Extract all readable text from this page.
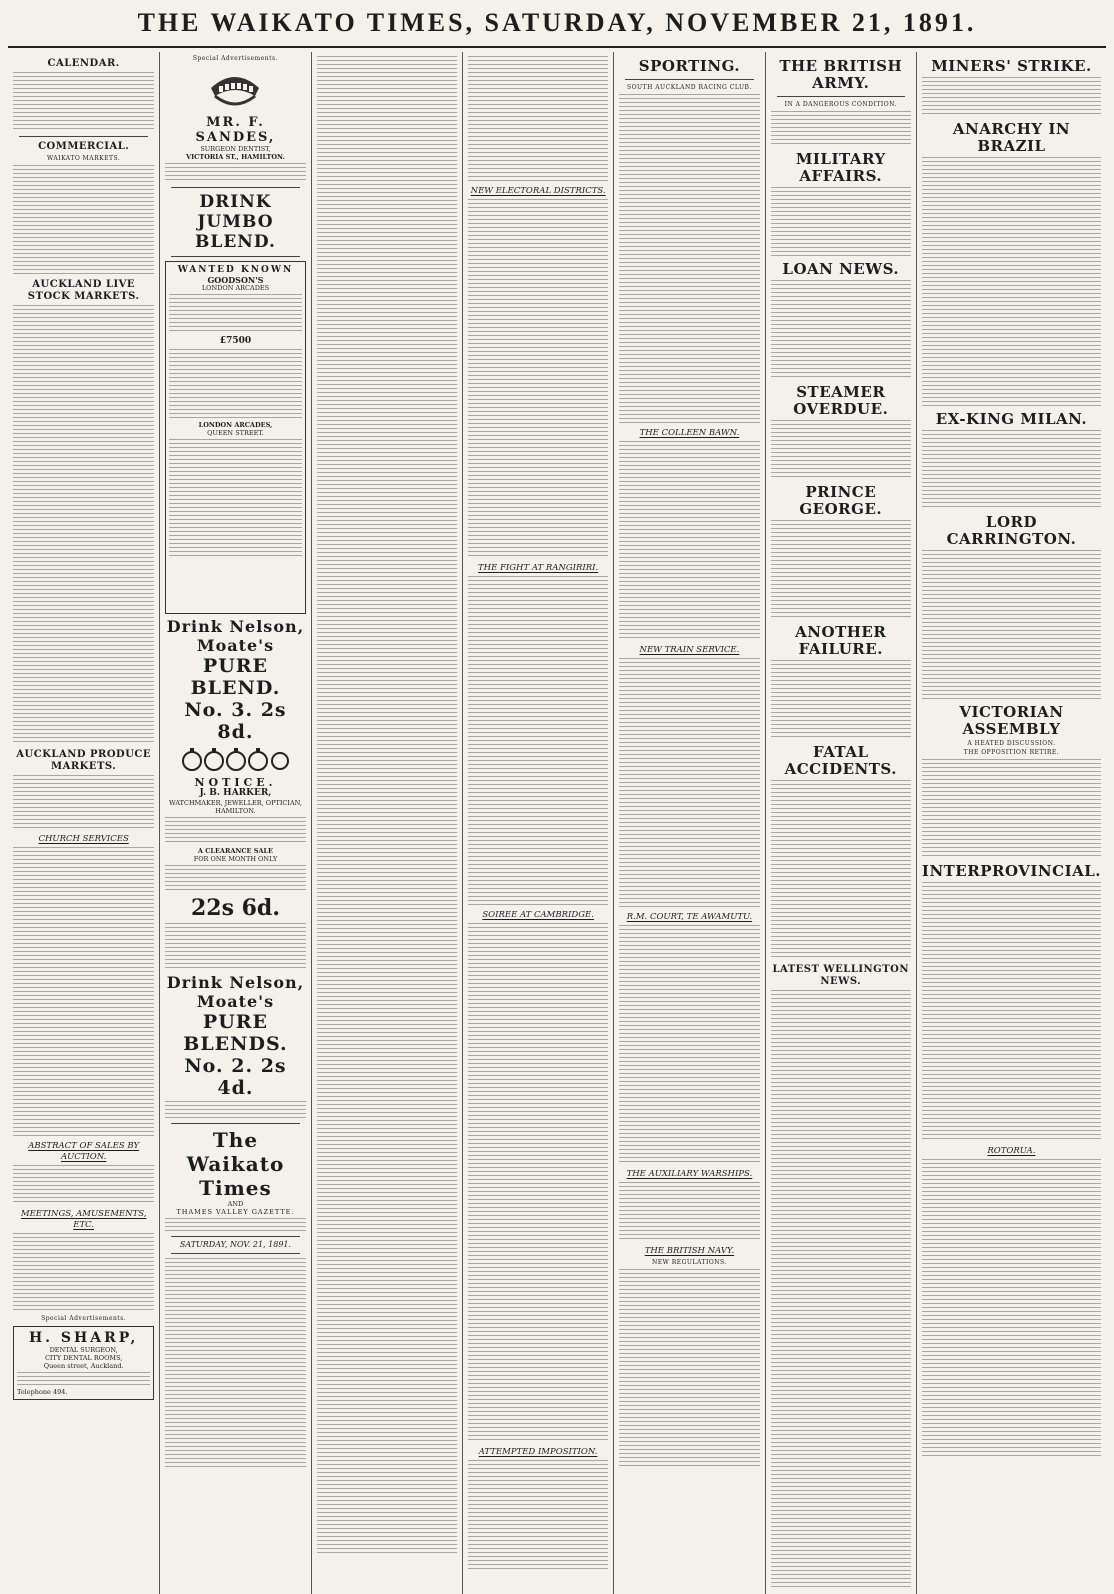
THE WAIKATO TIMES, SATURDAY, NOVEMBER 21, 1891.
CALENDAR.
COMMERCIAL.
WAIKATO MARKETS.
AUCKLAND LIVE STOCK MARKETS.
AUCKLAND PRODUCE MARKETS.
CHURCH SERVICES
ABSTRACT OF SALES BY AUCTION.
MEETINGS, AMUSEMENTS, ETC.
Special Advertisements.
H. SHARP,
DENTAL SURGEON,
CITY DENTAL ROOMS,
Queen street, Auckland.
Telephone 494.
Special Advertisements.
MR. F. SANDES,
SURGEON DENTIST,
VICTORIA ST., HAMILTON.
DRINK JUMBO BLEND.
WANTED KNOWN
GOODSON'S
LONDON ARCADES
£7500
LONDON ARCADES,
QUEEN STREET.
Drink Nelson, Moate's
PURE BLEND.
No. 3. 2s 8d.
NOTICE.
J. B. HARKER,
WATCHMAKER, JEWELLER, OPTICIAN, HAMILTON.
A CLEARANCE SALE
FOR ONE MONTH ONLY
22s 6d.
Drink Nelson, Moate's
PURE BLENDS.
No. 2. 2s 4d.
The Waikato Times
AND
THAMES VALLEY GAZETTE.
SATURDAY, NOV. 21, 1891.
NEW ELECTORAL DISTRICTS.
THE FIGHT AT RANGIRIRI.
SOIREE AT CAMBRIDGE.
ATTEMPTED IMPOSITION.
SPORTING.
SOUTH AUCKLAND RACING CLUB.
THE COLLEEN BAWN.
NEW TRAIN SERVICE.
R.M. COURT, TE AWAMUTU.
THE AUXILIARY WARSHIPS.
THE BRITISH NAVY.
NEW REGULATIONS.
THE BRITISH ARMY.
IN A DANGEROUS CONDITION.
MILITARY AFFAIRS.
LOAN NEWS.
STEAMER OVERDUE.
PRINCE GEORGE.
ANOTHER FAILURE.
FATAL ACCIDENTS.
LATEST WELLINGTON NEWS.
MINERS' STRIKE.
ANARCHY IN BRAZIL
EX-KING MILAN.
LORD CARRINGTON.
VICTORIAN ASSEMBLY
A HEATED DISCUSSION.
THE OPPOSITION RETIRE.
INTERPROVINCIAL.
ROTORUA.
